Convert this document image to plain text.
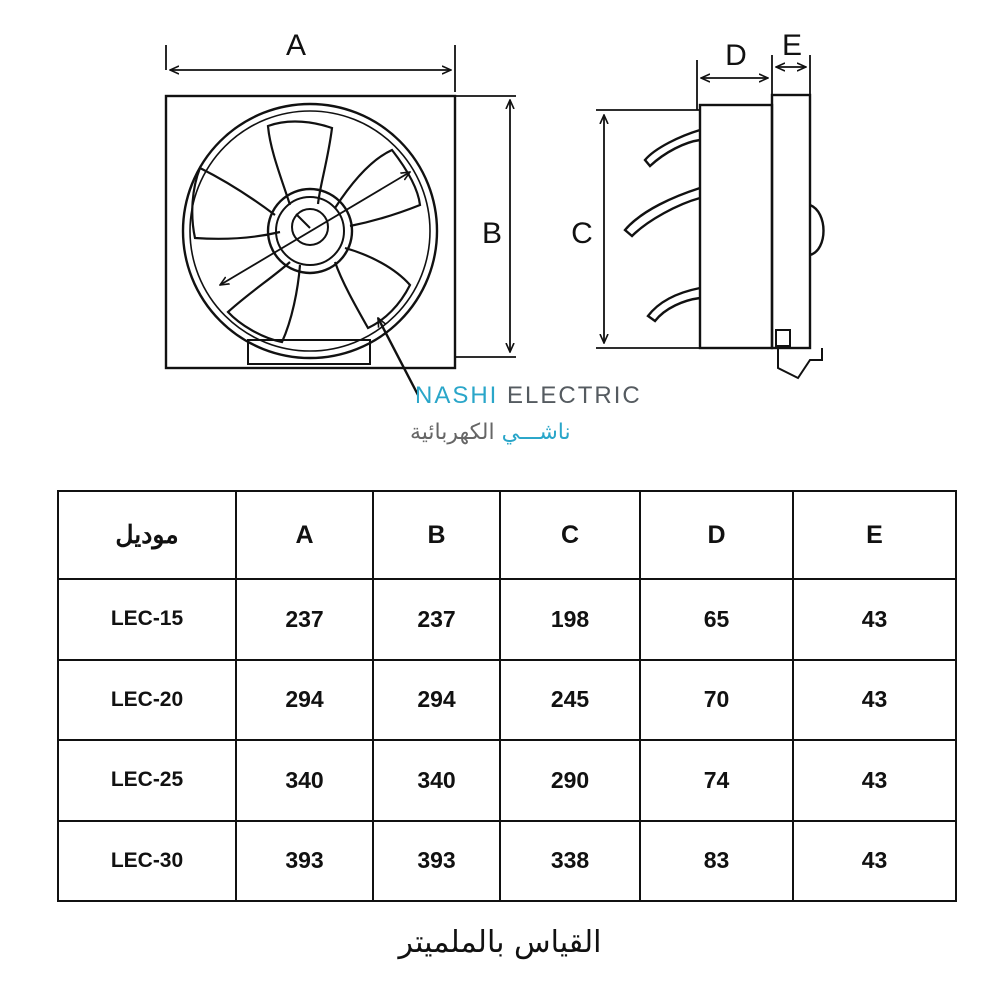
A
B C
D E
NASHI ELECTRIC
ناشـــي الكهربائية
موديل	A	B	C	D	E
LEC-15	237	237	198	65	43
LEC-20	294	294	245	70	43
LEC-25	340	340	290	74	43
LEC-30	393	393	338	83	43
القياس بالملميتر
